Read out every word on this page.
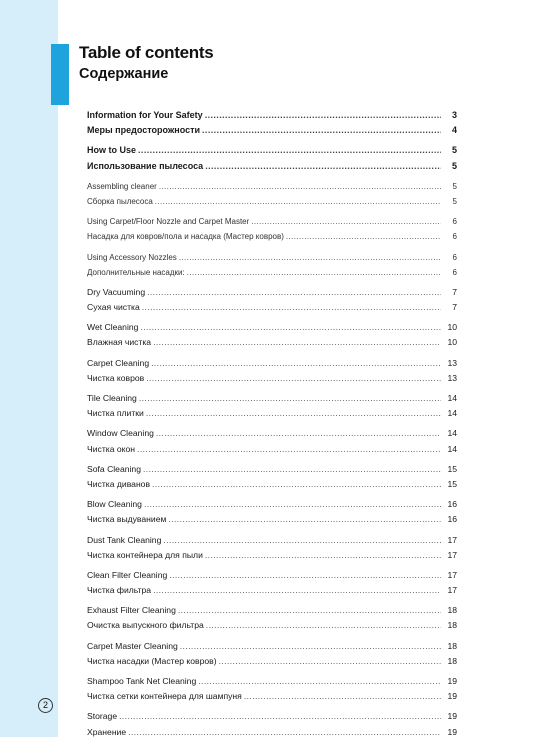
Table of contents
Содержание
Information for Your Safety .....	3
Меры предосторожности .....	4
How to Use .....	5
Использование пылесоса .....	5
Assembling cleaner .....	5
Сборка пылесоса .....	5
Using Carpet/Floor Nozzle and Carpet Master .....	6
Насадка для ковров/пола и насадка (Мастер ковров) .....	6
Using Accessory Nozzles .....	6
Дополнительные насадки: .....	6
Dry Vacuuming .....	7
Сухая чистка .....	7
Wet Cleaning .....	10
Влажная чистка .....	10
Carpet Cleaning .....	13
Чистка ковров .....	13
Tile Cleaning .....	14
Чистка плитки .....	14
Window Cleaning .....	14
Чистка окон .....	14
Sofa Cleaning .....	15
Чистка диванов .....	15
Blow Cleaning .....	16
Чистка выдуванием .....	16
Dust Tank Cleaning .....	17
Чистка контейнера для пыли .....	17
Clean Filter Cleaning .....	17
Чистка фильтра .....	17
Exhaust Filter Cleaning .....	18
Очистка выпускного фильтра .....	18
Carpet Master Cleaning .....	18
Чистка насадки (Мастер ковров) .....	18
Shampoo Tank Net Cleaning .....	19
Чистка сетки контейнера для шампуня .....	19
Storage .....	19
Хранение .....	19
2
